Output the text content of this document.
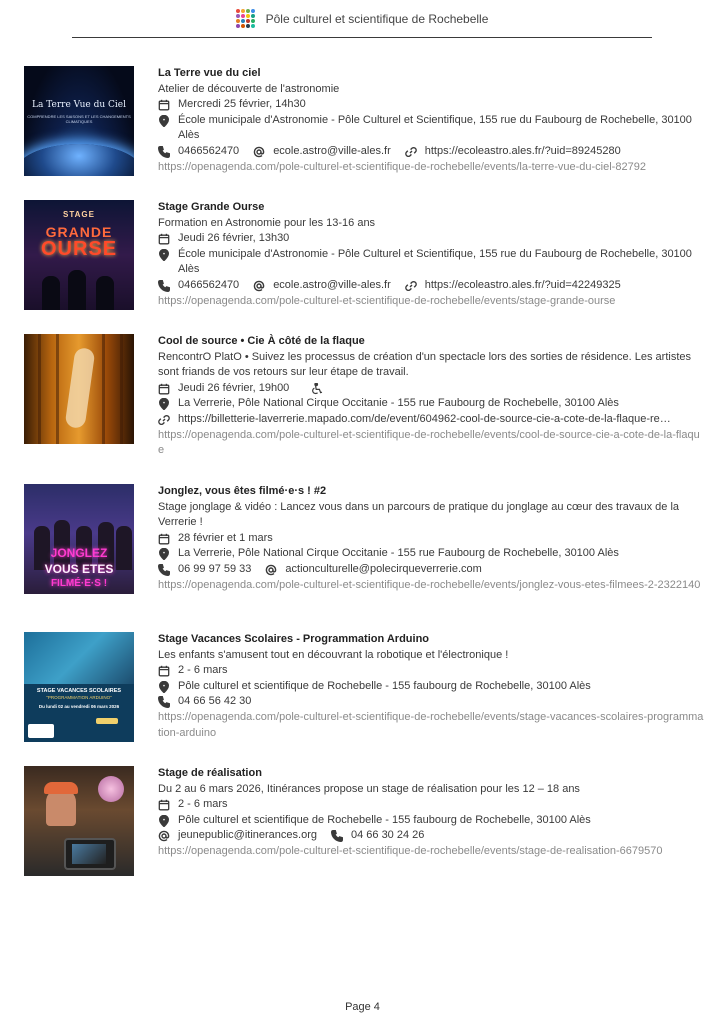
Pôle culturel et scientifique de Rochebelle
La Terre Vue du Ciel
COMPRENDRE LES SAISONS ET LES CHANGEMENTS CLIMATIQUES
La Terre vue du ciel
Atelier de découverte de l'astronomie
Mercredi 25 février, 14h30
École municipale d'Astronomie - Pôle Culturel et Scientifique, 155 rue du Faubourg de Rochebelle, 30100 Alès
0466562470	ecole.astro@ville-ales.fr	https://ecoleastro.ales.fr/?uid=89245280
https://openagenda.com/pole-culturel-et-scientifique-de-rochebelle/events/la-terre-vue-du-ciel-82792
STAGE
GRANDE
OURSE
Stage Grande Ourse
Formation en Astronomie pour les 13-16 ans
Jeudi 26 février, 13h30
École municipale d'Astronomie - Pôle Culturel et Scientifique, 155 rue du Faubourg de Rochebelle, 30100 Alès
0466562470	ecole.astro@ville-ales.fr	https://ecoleastro.ales.fr/?uid=42249325
https://openagenda.com/pole-culturel-et-scientifique-de-rochebelle/events/stage-grande-ourse
Cool de source • Cie À côté de la flaque
RencontrO PlatO • Suivez les processus de création d'un spectacle lors des sorties de résidence. Les artistes sont friands de vos retours sur leur étape de travail.
Jeudi 26 février, 19h00
La Verrerie, Pôle National Cirque Occitanie - 155 rue Faubourg de Rochebelle, 30100 Alès
https://billetterie-laverrerie.mapado.com/de/event/604962-cool-de-source-cie-a-cote-de-la-flaque-re…
https://openagenda.com/pole-culturel-et-scientifique-de-rochebelle/events/cool-de-source-cie-a-cote-de-la-flaque
JONGLEZ
VOUS ETES
FILMÉ·E·S !
Jonglez, vous êtes filmé·e·s ! #2
Stage jonglage & vidéo : Lancez vous dans un parcours de pratique du jonglage au cœur des travaux de la Verrerie !
28 février et 1 mars
La Verrerie, Pôle National Cirque Occitanie - 155 rue Faubourg de Rochebelle, 30100 Alès
06 99 97 59 33	actionculturelle@polecirqueverrerie.com
https://openagenda.com/pole-culturel-et-scientifique-de-rochebelle/events/jonglez-vous-etes-filmees-2-2322140
STAGE VACANCES SCOLAIRES
"PROGRAMMATION ARDUINO"
Du lundi 02 au vendredi 06 mars 2026
Stage Vacances Scolaires - Programmation Arduino
Les enfants s'amusent tout en découvrant la robotique et l'électronique !
2 - 6 mars
Pôle culturel et scientifique de Rochebelle - 155 faubourg de Rochebelle, 30100 Alès
04 66 56 42 30
https://openagenda.com/pole-culturel-et-scientifique-de-rochebelle/events/stage-vacances-scolaires-programmation-arduino
Stage de réalisation
Du 2 au 6 mars 2026, Itinérances propose un stage de réalisation pour les 12 – 18 ans
2 - 6 mars
Pôle culturel et scientifique de Rochebelle - 155 faubourg de Rochebelle, 30100 Alès
jeunepublic@itinerances.org	04 66 30 24 26
https://openagenda.com/pole-culturel-et-scientifique-de-rochebelle/events/stage-de-realisation-6679570
Page 4
